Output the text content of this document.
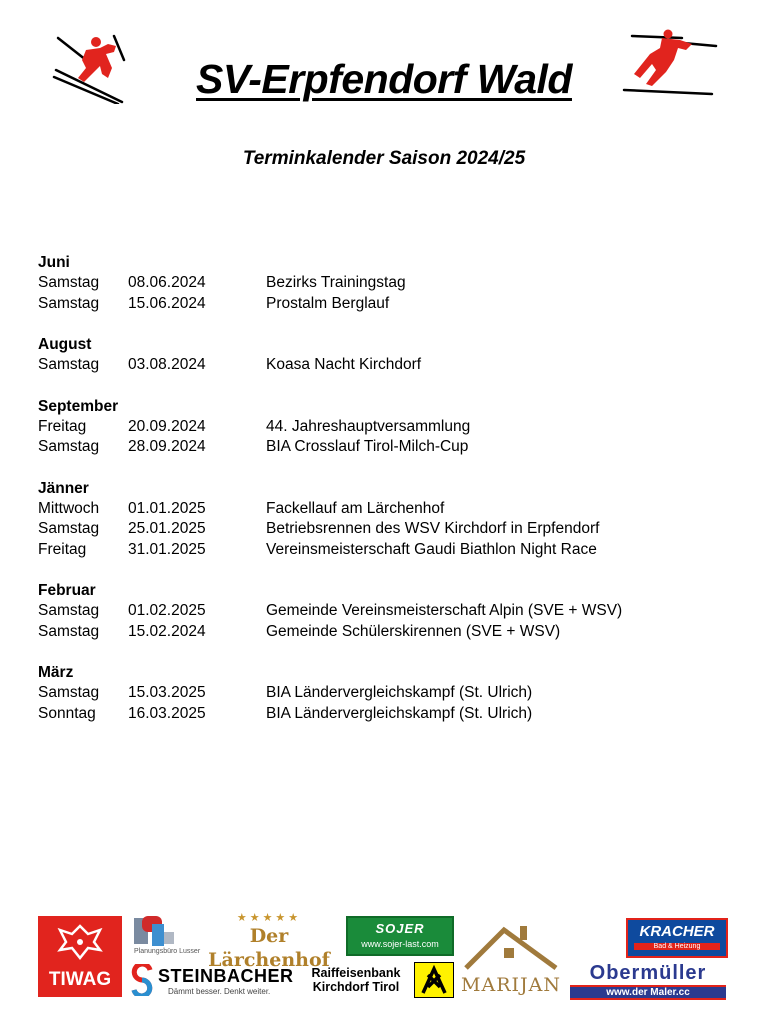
SV-Erpfendorf Wald
Terminkalender Saison 2024/25
Juni
Samstag 08.06.2024	Bezirks Trainingstag
Samstag 15.06.2024	Prostalm Berglauf
August
Samstag 03.08.2024	Koasa Nacht Kirchdorf
September
Freitag	20.09.2024	44. Jahreshauptversammlung
Samstag 28.09.2024	BIA Crosslauf Tirol-Milch-Cup
Jänner
Mittwoch 01.01.2025	Fackellauf am Lärchenhof
Samstag 25.01.2025	Betriebsrennen des WSV Kirchdorf in Erpfendorf
Freitag	31.01.2025	Vereinsmeisterschaft Gaudi Biathlon Night Race
Februar
Samstag 01.02.2025	Gemeinde Vereinsmeisterschaft Alpin (SVE + WSV)
Samstag 15.02.2024	Gemeinde Schülerskirennen (SVE + WSV)
März
Samstag 15.03.2025	BIA Ländervergleichskampf (St. Ulrich)
Sonntag 16.03.2025	BIA Ländervergleichskampf (St. Ulrich)
TIWAG
Planungsbüro Lusser
★★★★★
Der Lärchenhof
SOJER
www.sojer-last.com
MARIJAN
KRACHER
Bad & Heizung
STEINBACHER
Dämmt besser. Denkt weiter.
Raiffeisenbank
Kirchdorf Tirol
Obermüller
www.der Maler.cc
